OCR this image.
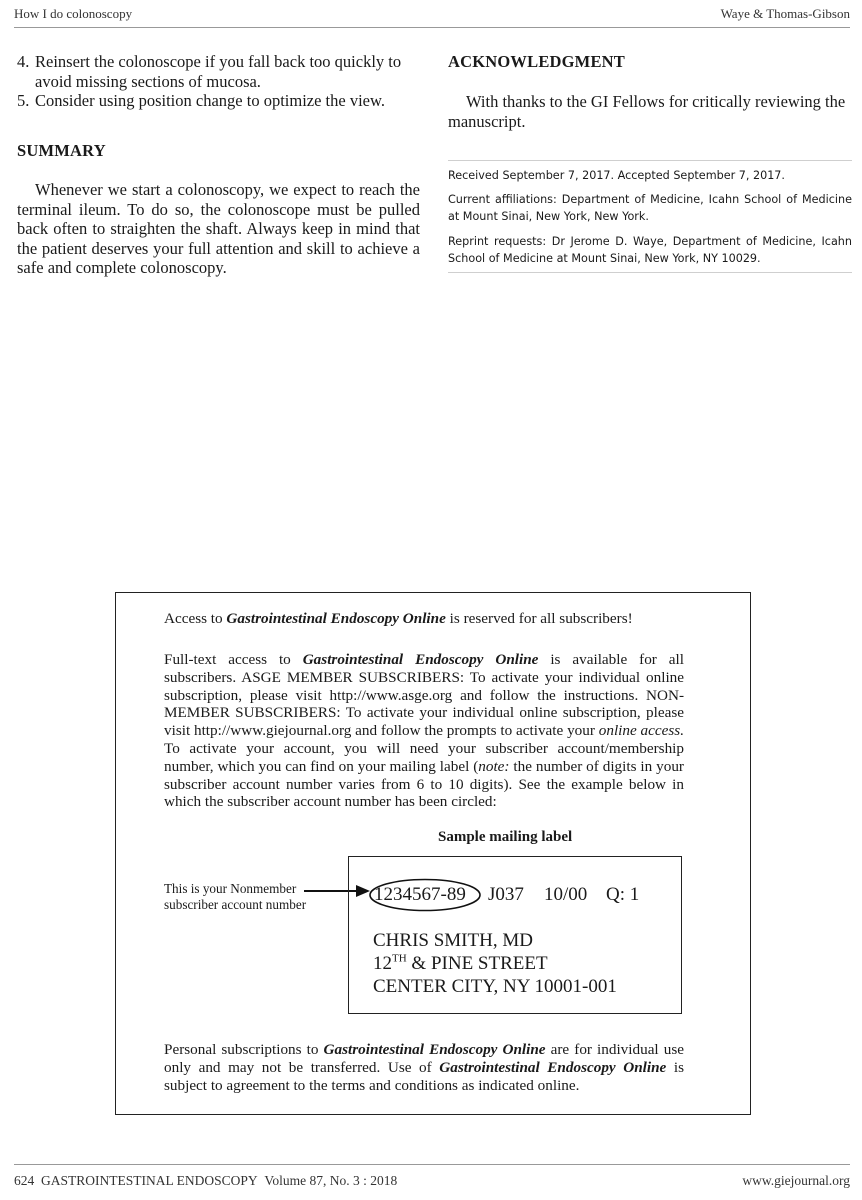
How I do colonoscopy	Waye & Thomas-Gibson
4. Reinsert the colonoscope if you fall back too quickly to avoid missing sections of mucosa.
5. Consider using position change to optimize the view.
SUMMARY
Whenever we start a colonoscopy, we expect to reach the terminal ileum. To do so, the colonoscope must be pulled back often to straighten the shaft. Always keep in mind that the patient deserves your full attention and skill to achieve a safe and complete colonoscopy.
ACKNOWLEDGMENT
With thanks to the GI Fellows for critically reviewing the manuscript.
Received September 7, 2017. Accepted September 7, 2017.
Current affiliations: Department of Medicine, Icahn School of Medicine at Mount Sinai, New York, New York.
Reprint requests: Dr Jerome D. Waye, Department of Medicine, Icahn School of Medicine at Mount Sinai, New York, NY 10029.
Access to Gastrointestinal Endoscopy Online is reserved for all subscribers!
Full-text access to Gastrointestinal Endoscopy Online is available for all subscribers. ASGE MEMBER SUBSCRIBERS: To activate your individual online subscription, please visit http://www.asge.org and follow the instructions. NON-MEMBER SUBSCRIBERS: To activate your individual online subscription, please visit http://www.giejournal.org and follow the prompts to activate your online access. To activate your account, you will need your subscriber account/membership number, which you can find on your mailing label (note: the number of digits in your subscriber account number varies from 6 to 10 digits). See the example below in which the subscriber account number has been circled:
Sample mailing label
This is your Nonmember
subscriber account number	1234567-89 J037 10/00 Q: 1
CHRIS SMITH, MD
12TH & PINE STREET
CENTER CITY, NY 10001-001
Personal subscriptions to Gastrointestinal Endoscopy Online are for individual use only and may not be transferred. Use of Gastrointestinal Endoscopy Online is subject to agreement to the terms and conditions as indicated online.
624 GASTROINTESTINAL ENDOSCOPY Volume 87, No. 3 : 2018	www.giejournal.org
